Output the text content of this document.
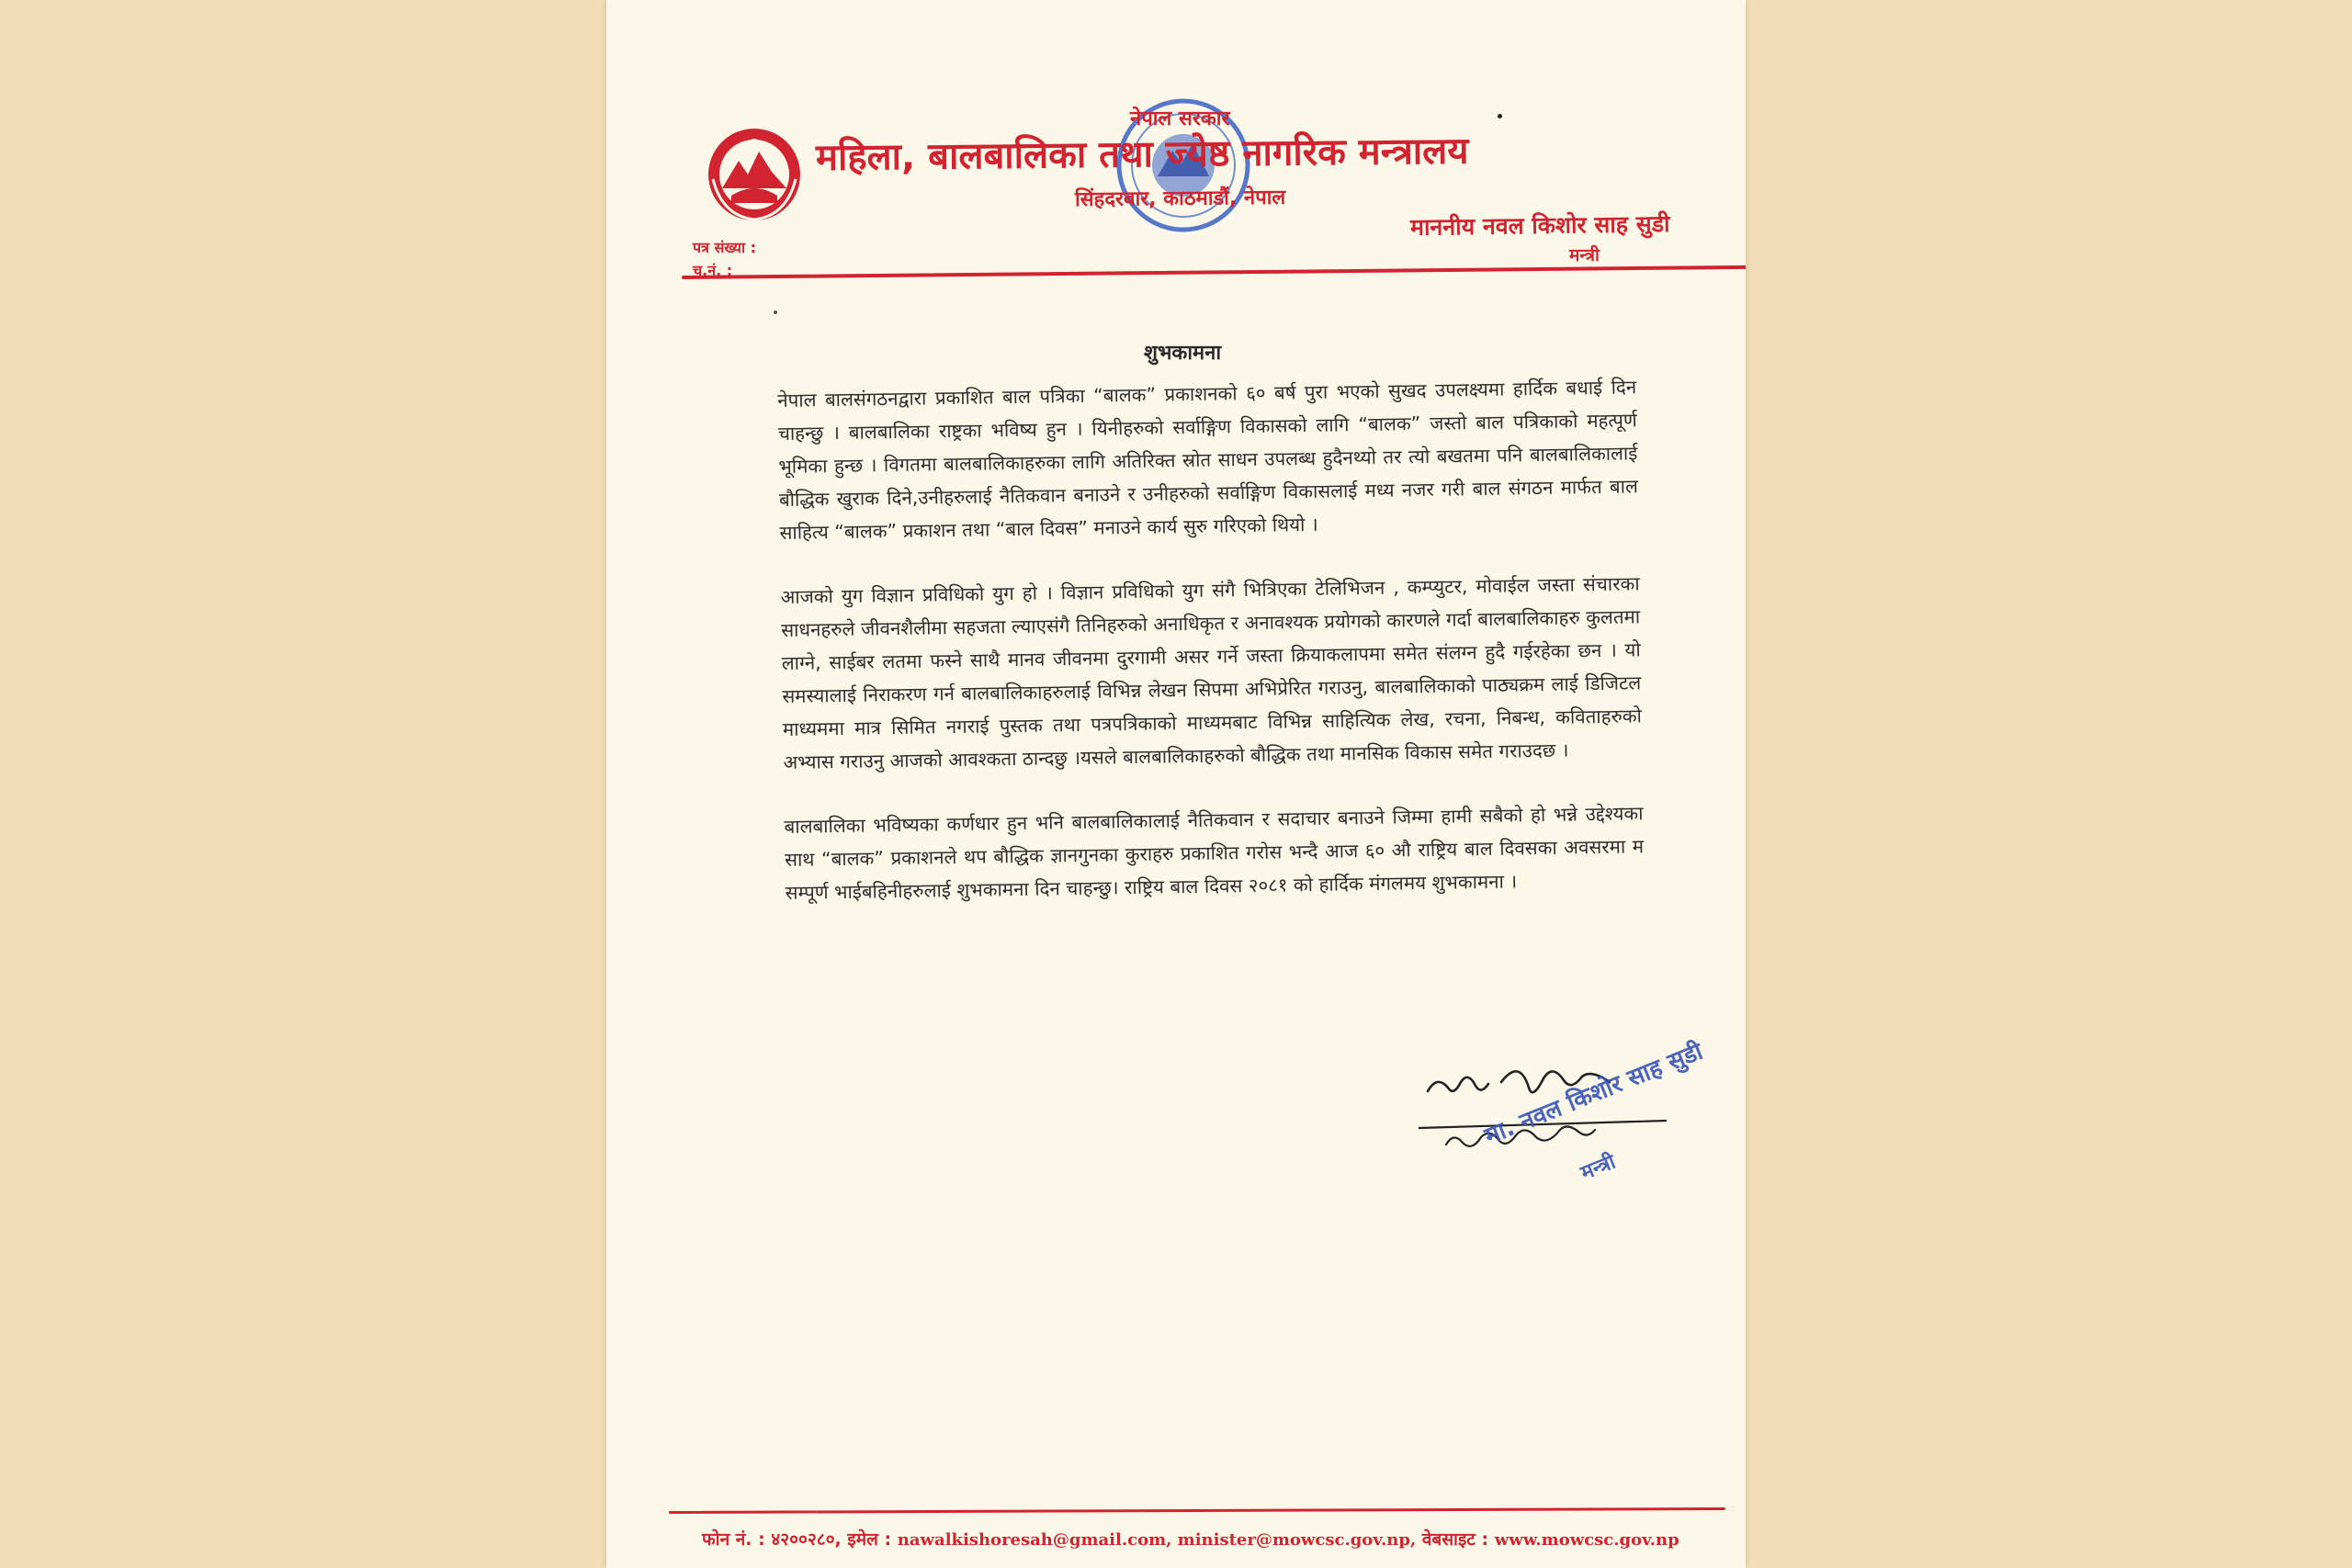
नेपाल सरकार
महिला, बालबालिका तथा ज्येष्ठ नागरिक मन्त्रालय
सिंहदरबार, काठमाडौं, नेपाल
माननीय नवल किशोर साह सुडी
मन्त्री
पत्र संख्या :
च.नं. :
शुभकामना

नेपाल बालसंगठनद्वारा प्रकाशित बाल पत्रिका “बालक” प्रकाशनको ६० बर्ष पुरा भएको सुखद उपलक्ष्यमा हार्दिक बधाई दिन चाहन्छु । बालबालिका राष्ट्रका भविष्य हुन । यिनीहरुको सर्वाङ्गिण विकासको लागि “बालक” जस्तो बाल पत्रिकाको महत्पूर्ण भूमिका हुन्छ । विगतमा बालबालिकाहरुका लागि अतिरिक्त स्रोत साधन उपलब्ध हुदैनथ्यो तर त्यो बखतमा पनि बालबालिकालाई बौद्धिक खुराक दिने,उनीहरुलाई नैतिकवान बनाउने र उनीहरुको सर्वाङ्गिण विकासलाई मध्य नजर गरी बाल संगठन मार्फत बाल साहित्य “बालक” प्रकाशन तथा “बाल दिवस” मनाउने कार्य सुरु गरिएको थियो ।

आजको युग विज्ञान प्रविधिको युग हो । विज्ञान प्रविधिको युग संगै भित्रिएका टेलिभिजन , कम्प्युटर, मोवाईल जस्ता संचारका साधनहरुले जीवनशैलीमा सहजता ल्याएसंगै तिनिहरुको अनाधिकृत र अनावश्यक प्रयोगको कारणले गर्दा बालबालिकाहरु कुलतमा लाग्ने, साईबर लतमा फस्ने साथै मानव जीवनमा दुरगामी असर गर्ने जस्ता क्रियाकलापमा समेत संलग्न हुदै गईरहेका छन । यो समस्यालाई निराकरण गर्न बालबालिकाहरुलाई विभिन्न लेखन सिपमा अभिप्रेरित गराउनु, बालबालिकाको पाठ्यक्रम लाई डिजिटल माध्यममा मात्र सिमित नगराई पुस्तक तथा पत्रपत्रिकाको माध्यमबाट विभिन्न साहित्यिक लेख, रचना, निबन्ध, कविताहरुको अभ्यास गराउनु आजको आवश्कता ठान्दछु ।यसले बालबालिकाहरुको बौद्धिक तथा मानसिक विकास समेत गराउदछ ।

बालबालिका भविष्यका कर्णधार हुन भनि बालबालिकालाई नैतिकवान र सदाचार बनाउने जिम्मा हामी सबैको हो भन्ने उद्देश्यका साथ “बालक” प्रकाशनले थप बौद्धिक ज्ञानगुनका कुराहरु प्रकाशित गरोस भन्दै आज ६० औ राष्ट्रिय बाल दिवसका अवसरमा म सम्पूर्ण भाईबहिनीहरुलाई शुभकामना दिन चाहन्छु। राष्ट्रिय बाल दिवस २०८१ को हार्दिक मंगलमय शुभकामना ।

मा. नवल किशोर साह सुडी
मन्त्री
फोन नं. : ४२००२८०, इमेल : nawalkishoresah@gmail.com, minister@mowcsc.gov.np, वेबसाइट : www.mowcsc.gov.np
